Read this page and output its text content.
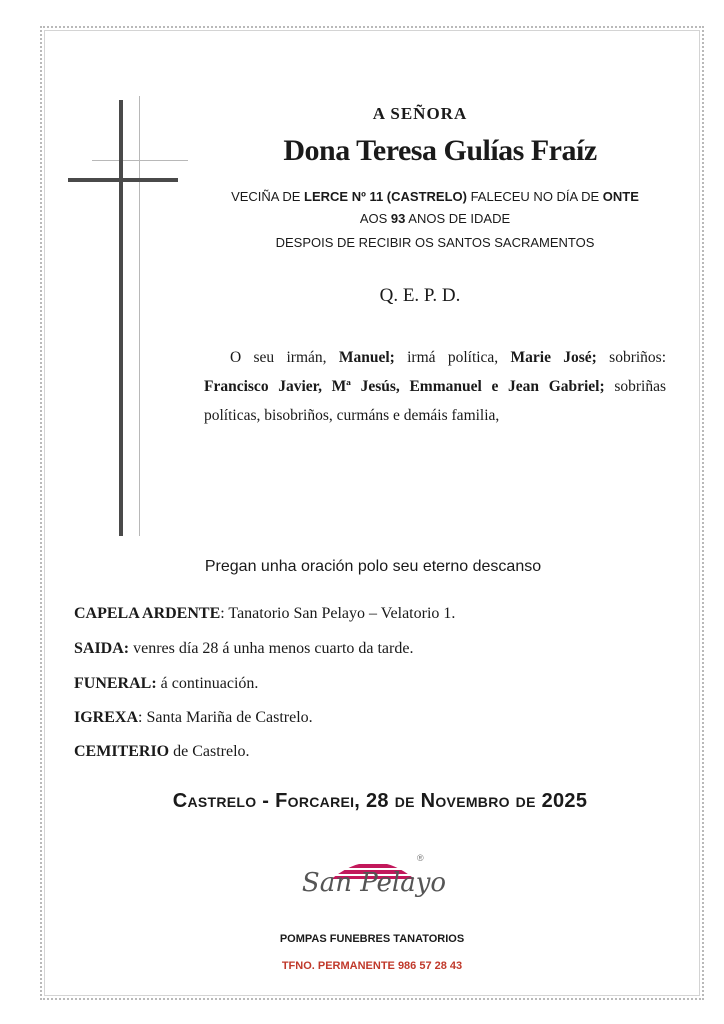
A SEÑORA
Dona Teresa Gulías Fraíz
VECIÑA DE LERCE Nº 11 (CASTRELO) FALECEU NO DÍA DE ONTE
AOS 93 ANOS DE IDADE
DESPOIS DE RECIBIR OS SANTOS SACRAMENTOS
Q. E. P. D.
O seu irmán, Manuel; irmá política, Marie José; sobriños: Francisco Javier, Mª Jesús, Emmanuel e Jean Gabriel; sobriñas políticas, bisobriños, curmáns e demáis familia,
Pregan unha oración polo seu eterno descanso
CAPELA ARDENTE: Tanatorio San Pelayo – Velatorio 1.
SAIDA: venres día 28 á unha menos cuarto da tarde.
FUNERAL: á continuación.
IGREXA: Santa Mariña de Castrelo.
CEMITERIO de Castrelo.
Castrelo - Forcarei, 28 de Novembro de 2025
San Pelayo
®
POMPAS FUNEBRES TANATORIOS
TFNO. PERMANENTE 986 57 28 43
